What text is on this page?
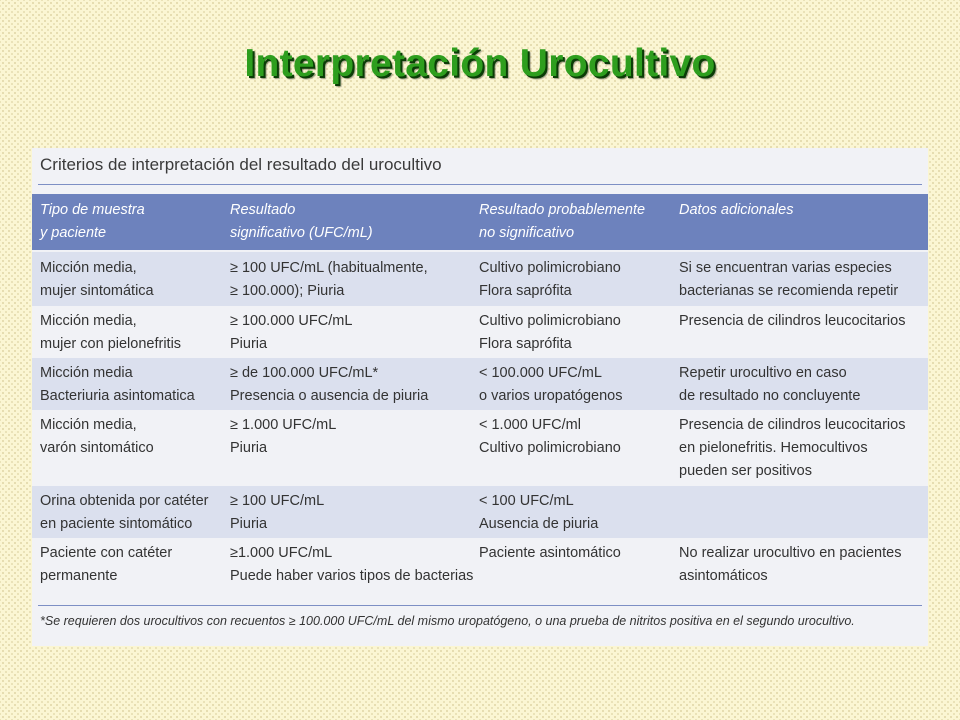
Interpretación Urocultivo
Criterios de interpretación del resultado del urocultivo
Tipo de muestra
y paciente
Resultado
significativo (UFC/mL)
Resultado probablemente
no significativo
Datos adicionales
Micción media,
mujer sintomática
≥ 100 UFC/mL (habitualmente,
≥ 100.000); Piuria
Cultivo polimicrobiano
Flora saprófita
Si se encuentran varias especies
bacterianas se recomienda repetir
Micción media,
mujer con pielonefritis
≥ 100.000 UFC/mL
Piuria
Cultivo polimicrobiano
Flora saprófita
Presencia de cilindros leucocitarios
Micción media
Bacteriuria asintomatica
≥ de 100.000 UFC/mL*
Presencia o ausencia de piuria
< 100.000 UFC/mL
o varios uropatógenos
Repetir urocultivo en caso
de resultado no concluyente
Micción media,
varón sintomático
≥ 1.000 UFC/mL
Piuria
< 1.000 UFC/ml
Cultivo polimicrobiano
Presencia de cilindros leucocitarios
en pielonefritis. Hemocultivos
pueden ser positivos
Orina obtenida por catéter
en paciente sintomático
≥ 100 UFC/mL
Piuria
< 100 UFC/mL
Ausencia de piuria
Paciente con catéter
permanente
≥1.000 UFC/mL
Puede haber varios tipos de bacterias
Paciente asintomático	No realizar urocultivo en pacientes
asintomáticos
*Se requieren dos urocultivos con recuentos ≥ 100.000 UFC/mL del mismo uropatógeno, o una prueba de nitritos positiva en el segundo urocultivo.
